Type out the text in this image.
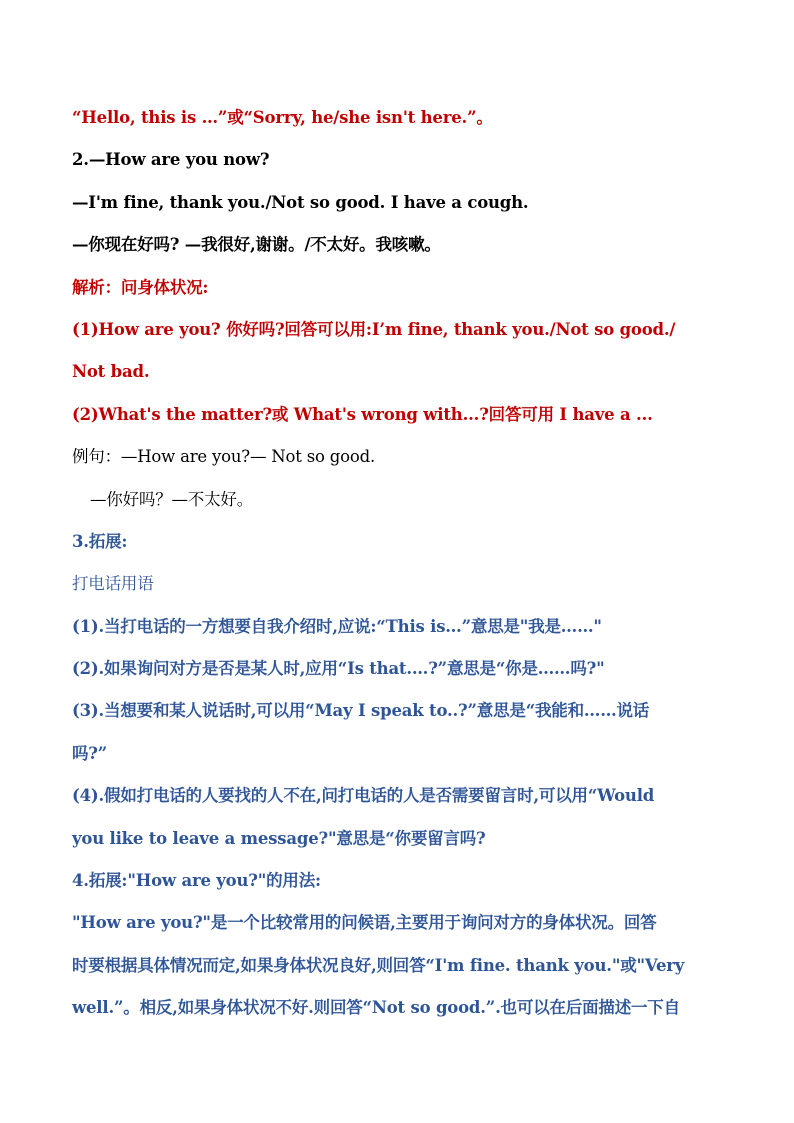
“Hello, this is …”或“Sorry, he/she isn't here.”。
2.—How are you now?
—I'm fine, thank you./Not so good. I have a cough.
—你现在好吗? —我很好,谢谢。/不太好。我咳嗽。
解析：问身体状况:
(1)How are you? 你好吗?回答可以用:I’m fine, thank you./Not so good./
Not bad.
(2)What's the matter?或 What's wrong with...?回答可用 I have a ...
例句：—How are you?— Not so good.
—你好吗？—不太好。
3.拓展:
打电话用语
(1).当打电话的一方想要自我介绍时,应说:“This is…”意思是"我是……"
(2).如果询问对方是否是某人时,应用“Is that.…?”意思是“你是……吗?"
(3).当想要和某人说话时,可以用“May I speak to..?”意思是“我能和……说话
吗?”
(4).假如打电话的人要找的人不在,问打电话的人是否需要留言时,可以用“Would
you like to leave a message?"意思是“你要留言吗?
4.拓展:"How are you?"的用法:
"How are you?"是一个比较常用的问候语,主要用于询问对方的身体状况。回答
时要根据具体情况而定,如果身体状况良好,则回答“I'm fine. thank you."或"Very
well.”。相反,如果身体状况不好.则回答“Not so good.”.也可以在后面描述一下自
